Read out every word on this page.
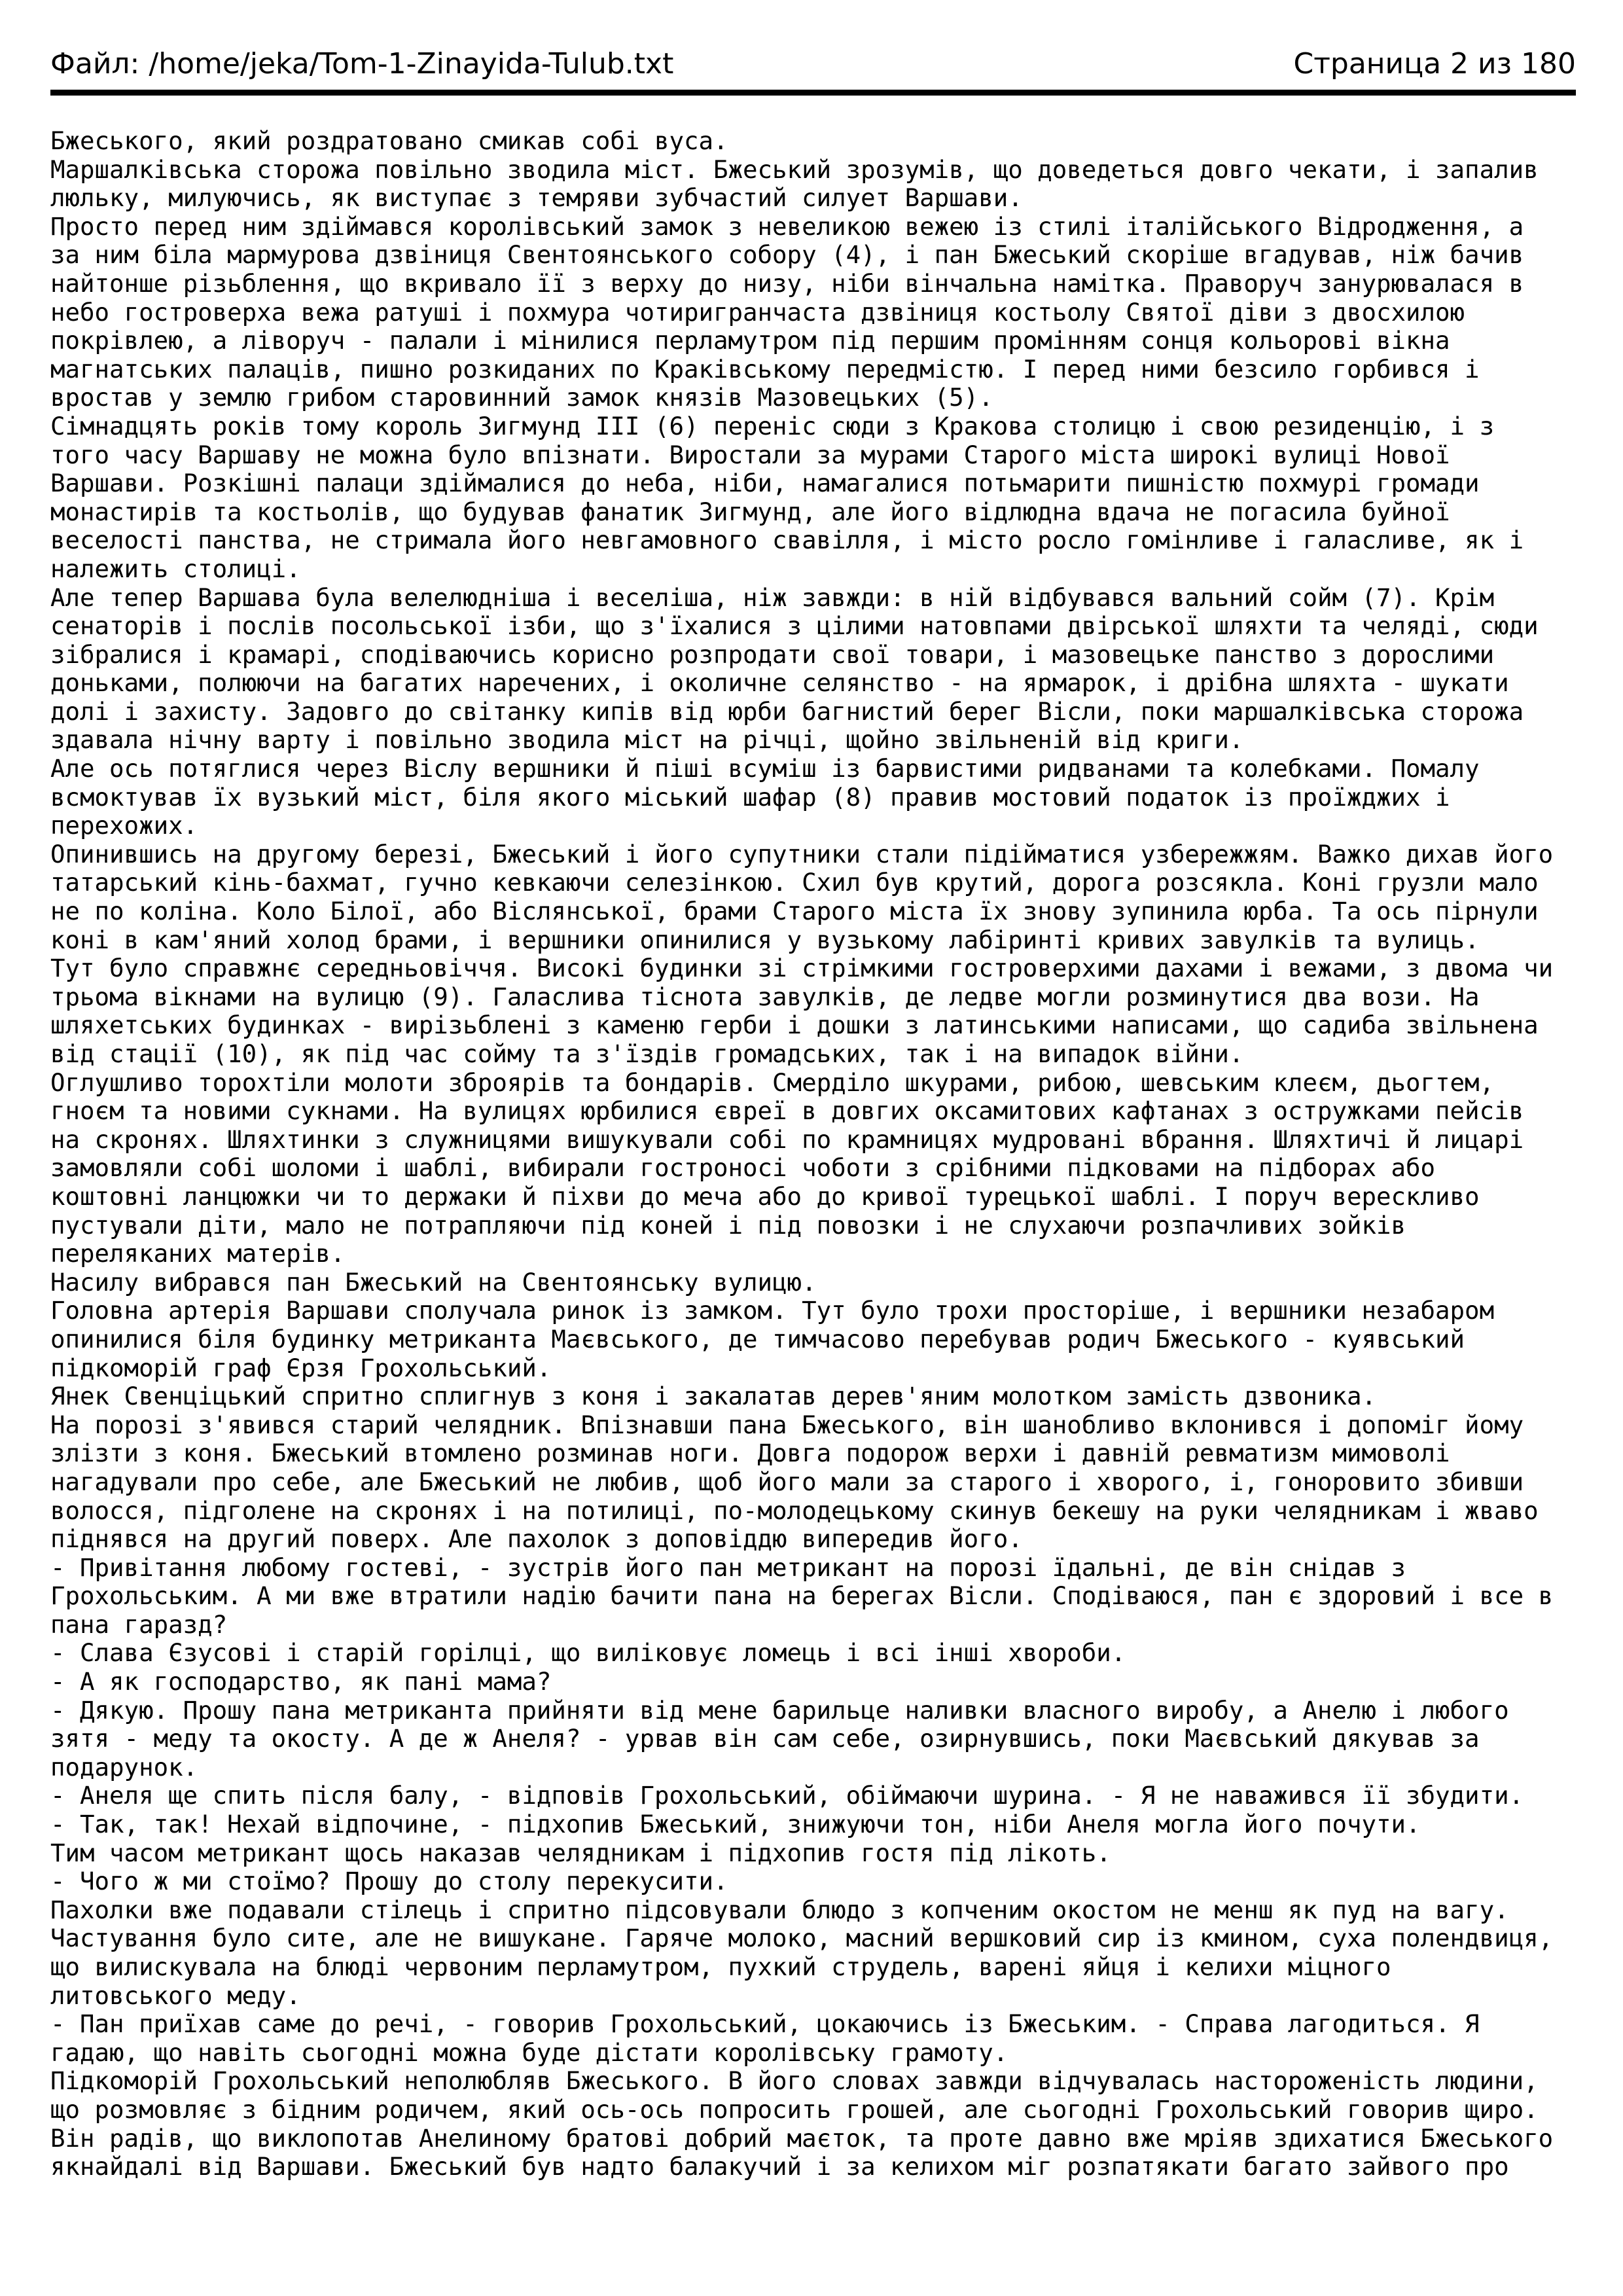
Файл: /home/jeka/Tom-1-Zinayida-Tulub.txt	Страница 2 из 180
Бжеського, який роздратовано смикав собі вуса.
Маршалківська сторожа повільно зводила міст. Бжеський зрозумів, що доведеться довго чекати, і запалив
люльку, милуючись, як виступає з темряви зубчастий силует Варшави.
Просто перед ним здіймався королівський замок з невеликою вежею із стилі італійського Відродження, а
за ним біла мармурова дзвіниця Свентоянського собору (4), і пан Бжеський скоріше вгадував, ніж бачив
найтонше різьблення, що вкривало її з верху до низу, ніби вінчальна намітка. Праворуч занурювалася в
небо гостроверха вежа ратуші і похмура чотиригранчаста дзвіниця костьолу Святої діви з двосхилою
покрівлею, а ліворуч - палали і мінилися перламутром під першим промінням сонця кольорові вікна
магнатських палаців, пишно розкиданих по Краківському передмістю. І перед ними безсило горбився і
вростав у землю грибом старовинний замок князів Мазовецьких (5).
Сімнадцять років тому король Зигмунд III (6) переніс сюди з Кракова столицю і свою резиденцію, і з
того часу Варшаву не можна було впізнати. Виростали за мурами Старого міста широкі вулиці Нової
Варшави. Розкішні палаци здіймалися до неба, ніби, намагалися потьмарити пишністю похмурі громади
монастирів та костьолів, що будував фанатик Зигмунд, але його відлюдна вдача не погасила буйної
веселості панства, не стримала його невгамовного свавілля, і місто росло гомінливе і галасливе, як і
належить столиці.
Але тепер Варшава була велелюдніша і веселіша, ніж завжди: в ній відбувався вальний сойм (7). Крім
сенаторів і послів посольської ізби, що з'їхалися з цілими натовпами двірської шляхти та челяді, сюди
зібралися і крамарі, сподіваючись корисно розпродати свої товари, і мазовецьке панство з дорослими
доньками, полюючи на багатих наречених, і околичне селянство - на ярмарок, і дрібна шляхта - шукати
долі і захисту. Задовго до світанку кипів від юрби багнистий берег Вісли, поки маршалківська сторожа
здавала нічну варту і повільно зводила міст на річці, щойно звільненій від криги.
Але ось потяглися через Віслу вершники й піші всуміш із барвистими ридванами та колебками. Помалу
всмоктував їх вузький міст, біля якого міський шафар (8) правив мостовий податок із проїжджих і
перехожих.
Опинившись на другому березі, Бжеський і його супутники стали підійматися узбережжям. Важко дихав його
татарський кінь-бахмат, гучно кевкаючи селезінкою. Схил був крутий, дорога розсякла. Коні грузли мало
не по коліна. Коло Білої, або Віслянської, брами Старого міста їх знову зупинила юрба. Та ось пірнули
коні в кам'яний холод брами, і вершники опинилися у вузькому лабіринті кривих завулків та вулиць.
Тут було справжнє середньовіччя. Високі будинки зі стрімкими гостроверхими дахами і вежами, з двома чи
трьома вікнами на вулицю (9). Галаслива тіснота завулків, де ледве могли розминутися два вози. На
шляхетських будинках - вирізьблені з каменю герби і дошки з латинськими написами, що садиба звільнена
від стації (10), як під час сойму та з'їздів громадських, так і на випадок війни.
Оглушливо торохтіли молоти зброярів та бондарів. Смерділо шкурами, рибою, шевським клеєм, дьогтем,
гноєм та новими сукнами. На вулицях юрбилися євреї в довгих оксамитових кафтанах з остружками пейсів
на скронях. Шляхтинки з служницями вишукували собі по крамницях мудровані вбрання. Шляхтичі й лицарі
замовляли собі шоломи і шаблі, вибирали гостроносі чоботи з срібними підковами на підборах або
коштовні ланцюжки чи то держаки й піхви до меча або до кривої турецької шаблі. І поруч верескливо
пустували діти, мало не потрапляючи під коней і під повозки і не слухаючи розпачливих зойків
переляканих матерів.
Насилу вибрався пан Бжеський на Свентоянську вулицю.
Головна артерія Варшави сполучала ринок із замком. Тут було трохи просторіше, і вершники незабаром
опинилися біля будинку метриканта Маєвського, де тимчасово перебував родич Бжеського - куявський
підкоморій граф Єрзя Грохольський.
Янек Свенціцький спритно сплигнув з коня і закалатав дерев'яним молотком замість дзвоника.
На порозі з'явився старий челядник. Впізнавши пана Бжеського, він шанобливо вклонився і допоміг йому
злізти з коня. Бжеський втомлено розминав ноги. Довга подорож верхи і давній ревматизм мимоволі
нагадували про себе, але Бжеський не любив, щоб його мали за старого і хворого, і, гоноровито збивши
волосся, підголене на скронях і на потилиці, по-молодецькому скинув бекешу на руки челядникам і жваво
піднявся на другий поверх. Але пахолок з доповіддю випередив його.
- Привітання любому гостеві, - зустрів його пан метрикант на порозі їдальні, де він снідав з
Грохольським. А ми вже втратили надію бачити пана на берегах Вісли. Сподіваюся, пан є здоровий і все в
пана гаразд?
- Слава Єзусові і старій горілці, що виліковує ломець і всі інші хвороби.
- А як господарство, як пані мама?
- Дякую. Прошу пана метриканта прийняти від мене барильце наливки власного виробу, а Анелю і любого
зятя - меду та окосту. А де ж Анеля? - урвав він сам себе, озирнувшись, поки Маєвський дякував за
подарунок.
- Анеля ще спить після балу, - відповів Грохольський, обіймаючи шурина. - Я не наважився її збудити.
- Так, так! Нехай відпочине, - підхопив Бжеський, знижуючи тон, ніби Анеля могла його почути.
Тим часом метрикант щось наказав челядникам і підхопив гостя під лікоть.
- Чого ж ми стоїмо? Прошу до столу перекусити.
Пахолки вже подавали стілець і спритно підсовували блюдо з копченим окостом не менш як пуд на вагу.
Частування було сите, але не вишукане. Гаряче молоко, масний вершковий сир із кмином, суха полендвиця,
що вилискувала на блюді червоним перламутром, пухкий струдель, варені яйця і келихи міцного
литовського меду.
- Пан приїхав саме до речі, - говорив Грохольський, цокаючись із Бжеським. - Справа лагодиться. Я
гадаю, що навіть сьогодні можна буде дістати королівську грамоту.
Підкоморій Грохольський неполюбляв Бжеського. В його словах завжди відчувалась настороженість людини,
що розмовляє з бідним родичем, який ось-ось попросить грошей, але сьогодні Грохольський говорив щиро.
Він радів, що виклопотав Анелиному братові добрий маєток, та проте давно вже мріяв здихатися Бжеського
якнайдалі від Варшави. Бжеський був надто балакучий і за келихом міг розпатякати багато зайвого про
